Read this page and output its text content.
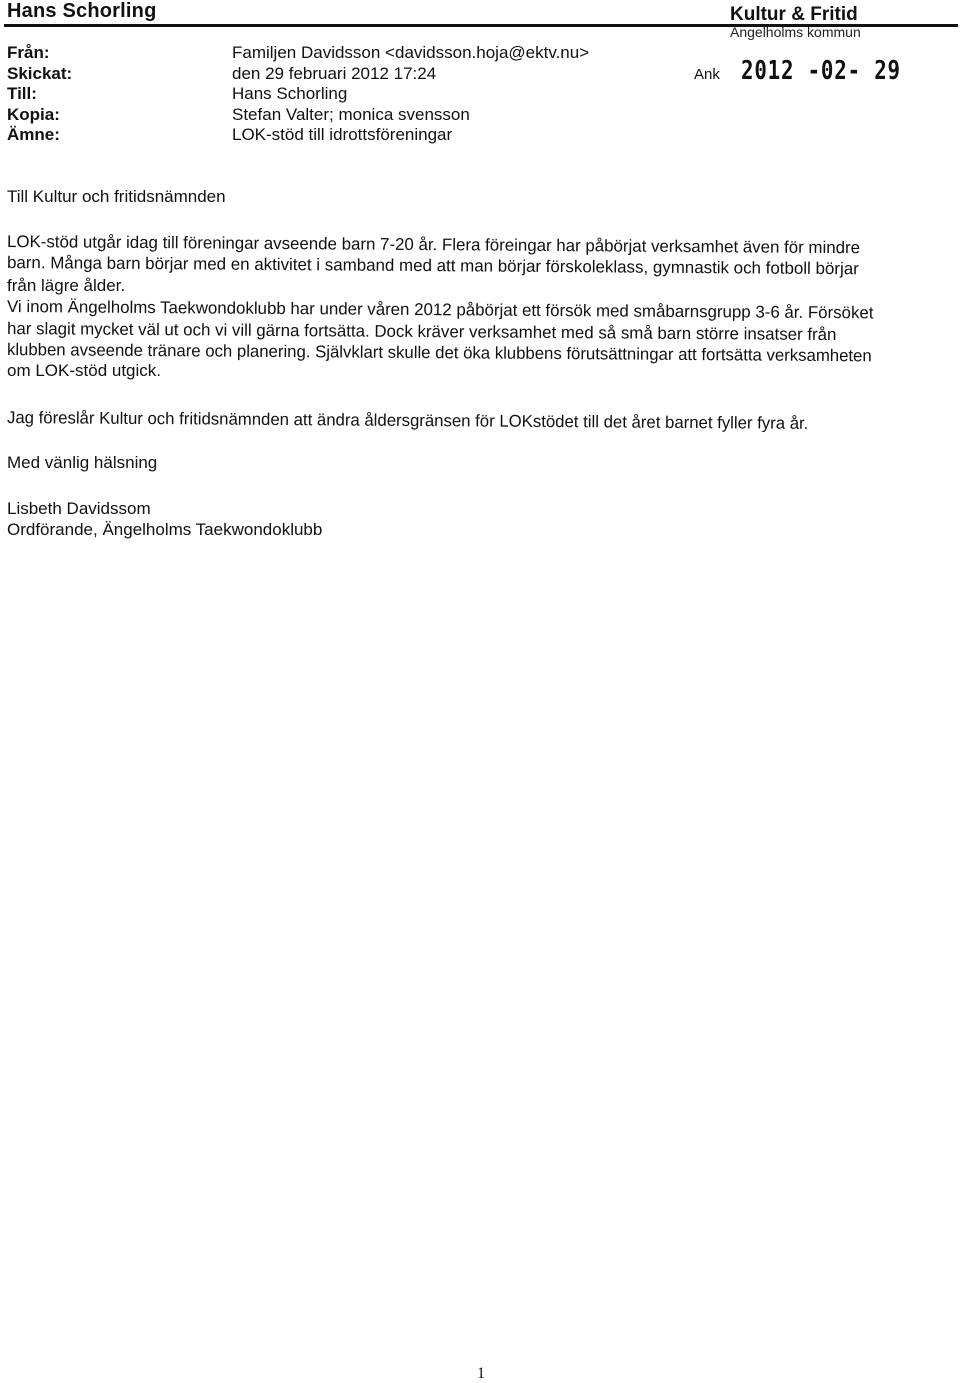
Hans Schorling	Kultur & Fritid
Ängelholms kommun
Ank 2012 -02- 29
Från:	Familjen Davidsson <davidsson.hoja@ektv.nu>
Skickat:	den 29 februari 2012 17:24
Till:	Hans Schorling
Kopia:	Stefan Valter; monica svensson
Ämne:	LOK-stöd till idrottsföreningar
Till Kultur och fritidsnämnden
LOK-stöd utgår idag till föreningar avseende barn 7-20 år. Flera föreingar har påbörjat verksamhet även för mindre
barn. Många barn börjar med en aktivitet i samband med att man börjar förskoleklass, gymnastik och fotboll börjar
från lägre ålder.
Vi inom Ängelholms Taekwondoklubb har under våren 2012 påbörjat ett försök med småbarnsgrupp 3-6 år. Försöket
har slagit mycket väl ut och vi vill gärna fortsätta. Dock kräver verksamhet med så små barn större insatser från
klubben avseende tränare och planering. Självklart skulle det öka klubbens förutsättningar att fortsätta verksamheten
om LOK-stöd utgick.
Jag föreslår Kultur och fritidsnämnden att ändra åldersgränsen för LOKstödet till det året barnet fyller fyra år.
Med vänlig hälsning
Lisbeth Davidssom
Ordförande, Ängelholms Taekwondoklubb
1
